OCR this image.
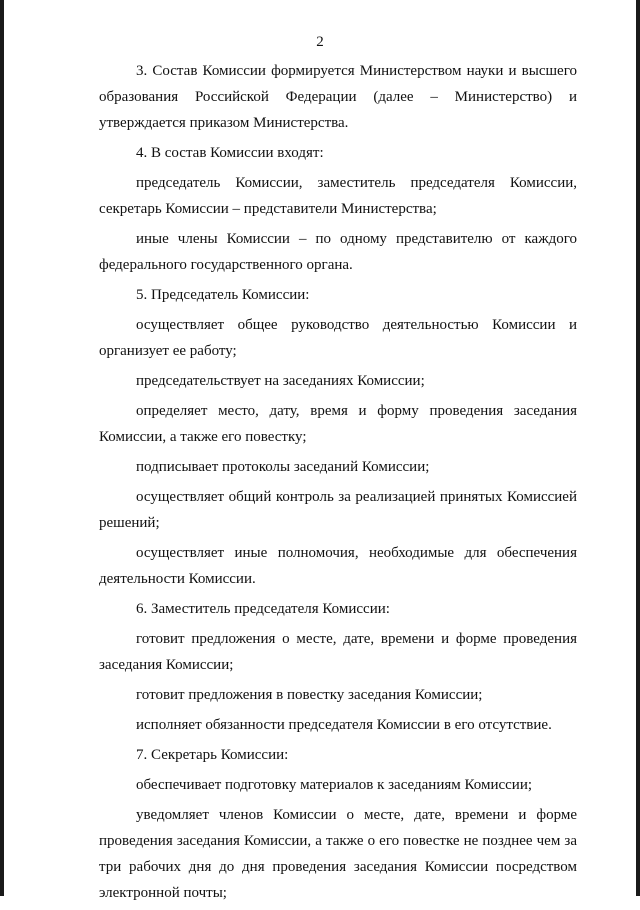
2

3. Состав Комиссии формируется Министерством науки и высшего образования Российской Федерации (далее – Министерство) и утверждается приказом Министерства.

4. В состав Комиссии входят:

председатель Комиссии, заместитель председателя Комиссии, секретарь Комиссии – представители Министерства;

иные члены Комиссии – по одному представителю от каждого федерального государственного органа.

5. Председатель Комиссии:

осуществляет общее руководство деятельностью Комиссии и организует ее работу;

председательствует на заседаниях Комиссии;

определяет место, дату, время и форму проведения заседания Комиссии, а также его повестку;

подписывает протоколы заседаний Комиссии;

осуществляет общий контроль за реализацией принятых Комиссией решений;

осуществляет иные полномочия, необходимые для обеспечения деятельности Комиссии.

6. Заместитель председателя Комиссии:

готовит предложения о месте, дате, времени и форме проведения заседания Комиссии;

готовит предложения в повестку заседания Комиссии;

исполняет обязанности председателя Комиссии в его отсутствие.

7. Секретарь Комиссии:

обеспечивает подготовку материалов к заседаниям Комиссии;

уведомляет членов Комиссии о месте, дате, времени и форме проведения заседания Комиссии, а также о его повестке не позднее чем за три рабочих дня до дня проведения заседания Комиссии посредством электронной почты;
